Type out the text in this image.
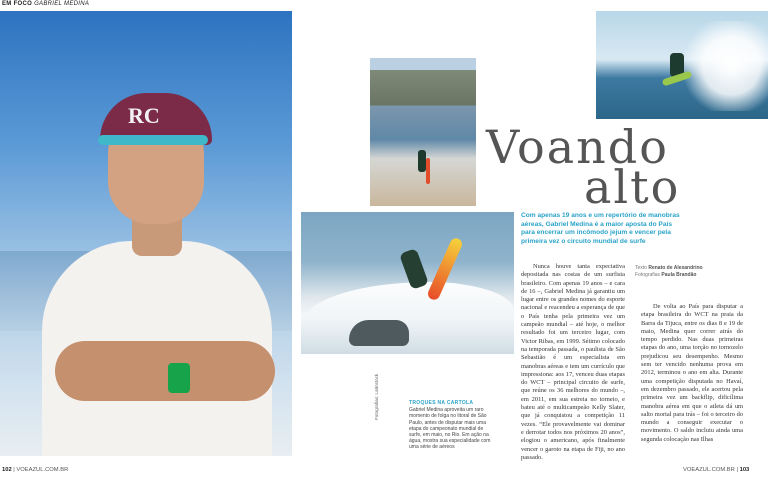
EM FOCO GABRIEL MEDINA
RC
Voando
alto
Com apenas 19 anos e um repertório de manobras aéreas, Gabriel Medina é a maior aposta do País para encerrar um incômodo jejum e vencer pela primeira vez o circuito mundial de surfe
Texto Renato de Alexandrino
Fotografias Paula Brandão

Nunca houve tanta expectativa depositada nas costas de um surfista brasileiro. Com apenas 19 anos – e cara de 16 –, Gabriel Medina já garantiu um lugar entre os grandes nomes do esporte nacional e reacendeu a esperança de que o País tenha pela primeira vez um campeão mundial – até hoje, o melhor resultado foi um terceiro lugar, com Victor Ribas, em 1999. Sétimo colocado na temporada passada, o paulista de São Sebastião é um especialista em manobras aéreas e tem um currículo que impressiona: aos 17, venceu duas etapas do WCT – principal circuito de surfe, que reúne os 36 melhores do mundo –, em 2011, em sua estreia no torneio, e bateu até o multicampeão Kelly Slater, que já conquistou a competição 11 vezes. “Ele provavelmente vai dominar e derrotar todos nos próximos 20 anos”, elogiou o americano, após finalmente vencer o garoto na etapa de Fiji, no ano passado.

De volta ao País para disputar a etapa brasileira do WCT na praia da Barra da Tijuca, entre os dias 8 e 19 de maio, Medina quer correr atrás do tempo perdido. Nas duas primeiras etapas do ano, uma torção no tornozelo prejudicou seu desempenho. Mesmo sem ter vencido nenhuma prova em 2012, terminou o ano em alta. Durante uma competição disputada no Havaí, em dezembro passado, ele acertou pela primeira vez um backflip, dificílima manobra aérea em que o atleta dá um salto mortal para trás – foi o terceiro do mundo a conseguir executar o movimento. O saldo incluiu ainda uma segunda colocação nas Ilhas

TROQUES NA CARTOLA
Gabriel Medina aproveita um raro momento de folga no litoral de São Paulo, antes de disputar mais uma etapa do campeonato mundial de surfe, em maio, no Rio. Em ação na água, mostra sua especialidade com uma série de aéreos
Fotografias: Latinstock
102 | VOEAZUL.COM.BR	VOEAZUL.COM.BR | 103
